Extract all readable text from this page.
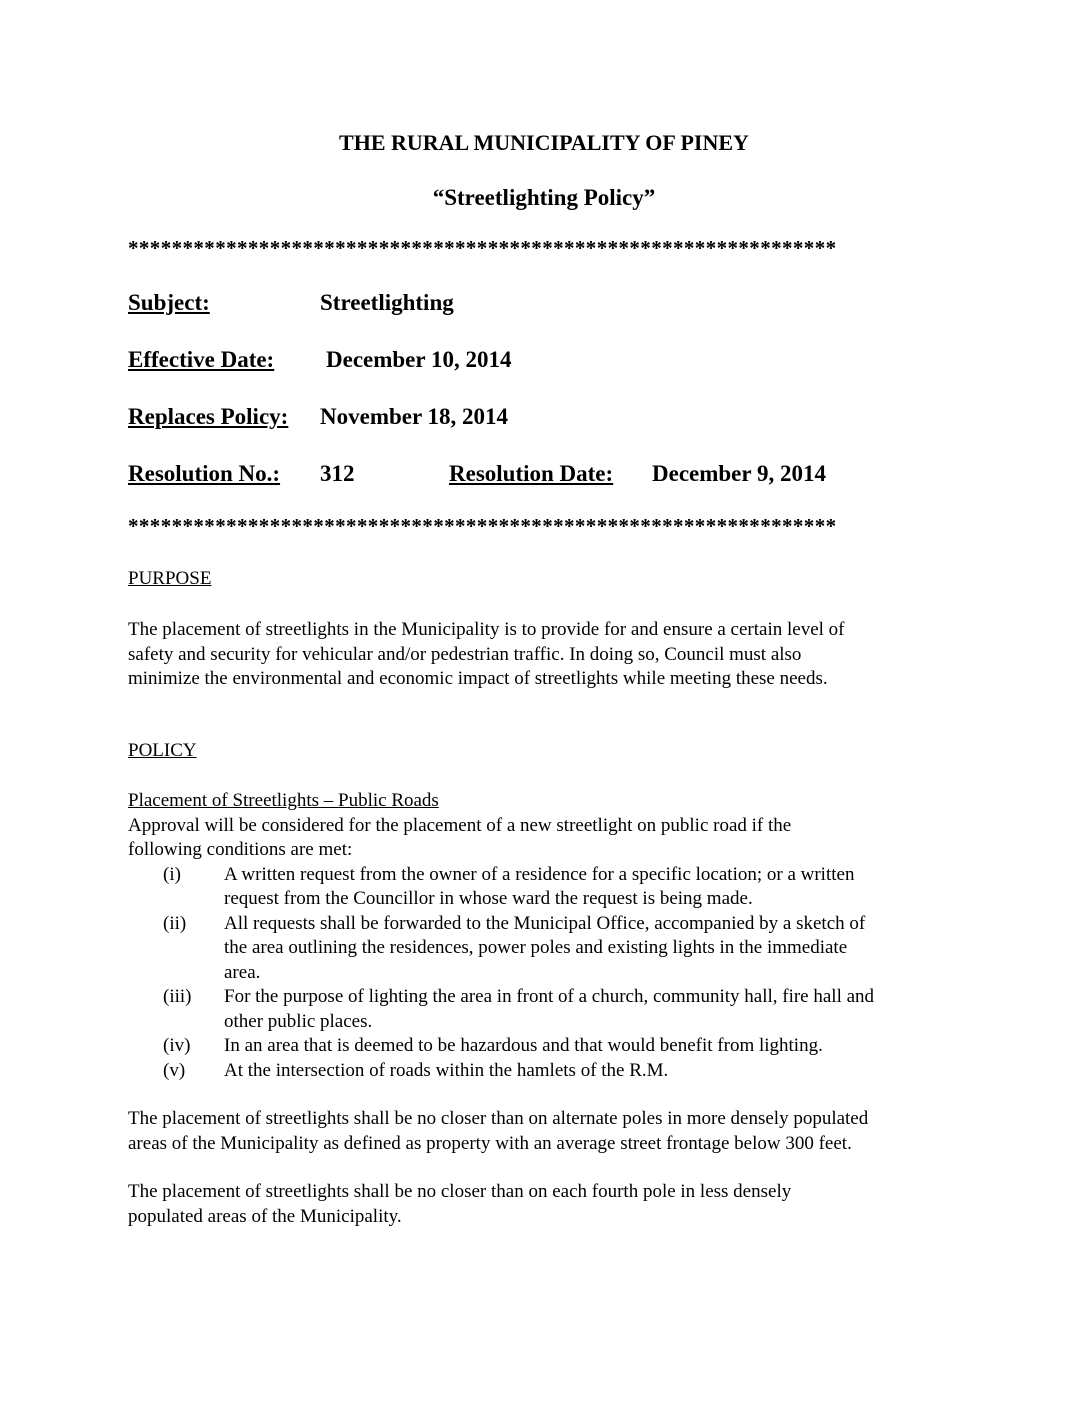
THE RURAL MUNICIPALITY OF PINEY
“Streetlighting Policy”
*****************************************************************
Subject:	Streetlighting
Effective Date: December 10, 2014
Replaces Policy: November 18, 2014
Resolution No.: 312	Resolution Date: December 9, 2014
*****************************************************************
PURPOSE
The placement of streetlights in the Municipality is to provide for and ensure a certain level of
safety and security for vehicular and/or pedestrian traffic. In doing so, Council must also
minimize the environmental and economic impact of streetlights while meeting these needs.
POLICY
Placement of Streetlights – Public Roads
Approval will be considered for the placement of a new streetlight on public road if the
following conditions are met:
(i) A written request from the owner of a residence for a specific location; or a written
request from the Councillor in whose ward the request is being made.
(ii) All requests shall be forwarded to the Municipal Office, accompanied by a sketch of
the area outlining the residences, power poles and existing lights in the immediate
area.
(iii) For the purpose of lighting the area in front of a church, community hall, fire hall and
other public places.
(iv) In an area that is deemed to be hazardous and that would benefit from lighting.
(v) At the intersection of roads within the hamlets of the R.M.
The placement of streetlights shall be no closer than on alternate poles in more densely populated
areas of the Municipality as defined as property with an average street frontage below 300 feet.
The placement of streetlights shall be no closer than on each fourth pole in less densely
populated areas of the Municipality.
